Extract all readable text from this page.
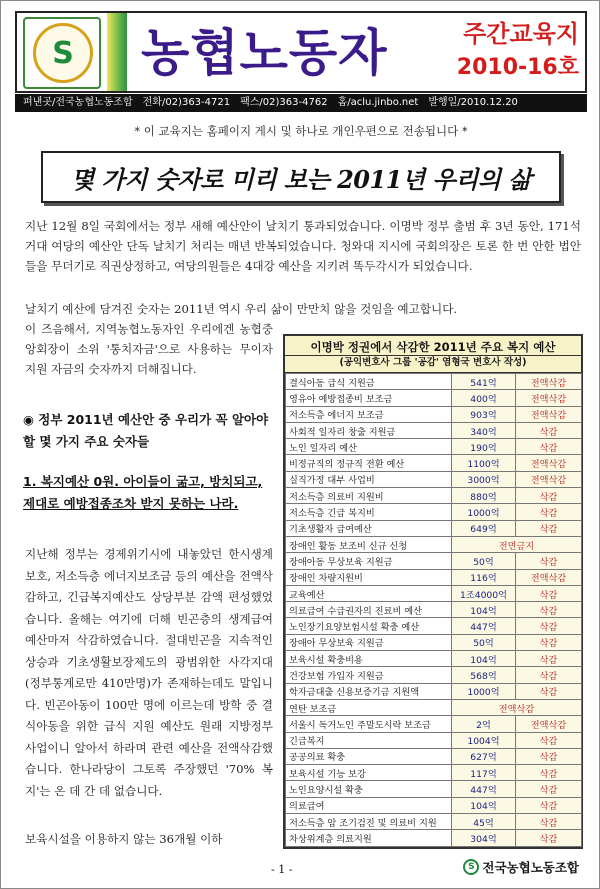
S	농협노동자	주간교육지
2010-16호
펴낸곳/전국농협노동조합 전화/02)363-4721 팩스/02)363-4762 홈/aclu.jinbo.net 발행일/2010.12.20
* 이 교육지는 홈페이지 게시 및 하나로 개인우편으로 전송됩니다 *
몇 가지 숫자로 미리 보는 2011년 우리의 삶

지난 12월 8일 국회에서는 정부 새해 예산안이 날치기 통과되었습니다. 이명박 정부 출범 후 3년 동안, 171석 거대 여당의 예산안 단독 날치기 처리는 매년 반복되었습니다. 청와대 지시에 국회의장은 토론 한 번 안한 법안들을 무더기로 직권상정하고, 여당의원들은 4대강 예산을 지키려 똑두각시가 되었습니다.

날치기 예산에 담겨진 숫자는 2011년 역시 우리 삶이 만만치 않을 것임을 예고합니다.

이 즈음해서, 지역농협노동자인 우리에겐 농협중앙회장이 소위 '통치자금'으로 사용하는 무이자 지원 자금의 숫자까지 더해집니다.

◉ 정부 2011년 예산안 중 우리가 꼭 알아야 할 몇 가지 주요 숫자들
1. 복지예산 0원. 아이들이 굶고, 방치되고, 제대로 예방접종조차 받지 못하는 나라.

지난해 정부는 경제위기시에 내놓았던 한시생계보호, 저소득층 에너지보조금 등의 예산을 전액삭감하고, 긴급복지예산도 상당부분 감액 편성했었습니다. 올해는 여기에 더해 빈곤층의 생계급여 예산마저 삭감하였습니다. 절대빈곤을 지속적인 상승과 기초생활보장제도의 광범위한 사각지대(정부통계로만 410만명)가 존재하는데도 말입니다. 빈곤아동이 100만 명에 이르는데 방학 중 결식아동을 위한 급식 지원 예산도 원래 지방정부 사업이니 알아서 하라며 관련 예산을 전액삭감했습니다. 한나라당이 그토록 주장했던 '70% 복지'는 온 데 간 데 없습니다.

보육시설을 이용하지 않는 36개월 이하

이명박 정권에서 삭감한 2011년 주요 복지 예산
(공익변호사 그룹 '공감' 염형국 변호사 작성)
결식아동 급식 지원금	541억	전액삭감
영유아 예방접종비 보조금	400억	전액삭감
저소득층 에너지 보조금	903억	전액삭감
사회적 일자리 창출 지원금	340억	삭감
노인 일자리 예산	190억	삭감
비정규직의 정규직 전환 예산	1100억	전액삭감
실직가정 대부 사업비	3000억	전액삭감
저소득층 의료비 지원비	880억	삭감
저소득층 긴급 복지비	1000억	삭감
기초생활자 급여예산	649억	삭감
장애인 활동 보조비 신규 신청	전면금지	
장애아동 무상보육 지원금	50억	삭감
장애인 차량지원비	116억	전액삭감
교육예산	1조4000억	삭감
의료급여 수급권자의 진료비 예산	104억	삭감
노인장기요양보험시설 확충 예산	447억	삭감
장애아 무상보육 지원금	50억	삭감
보육시설 확충비용	104억	삭감
건강보험 가입자 지원금	568억	삭감
학자금대출 신용보증기금 지원액	1000억	삭감
연탄 보조금	전액삭감	
서울시 독거노인 주말도시락 보조금	2억	전액삭감
긴급복지	1004억	삭감
공공의료 확충	627억	삭감
보육시설 기능 보강	117억	삭감
노인요양시설 확충	447억	삭감
의료급여	104억	삭감
저소득층 암 조기검진 및 의료비 지원	45억	삭감
차상위계층 의료지원	304억	삭감
- 1 -	S 전국농협노동조합
